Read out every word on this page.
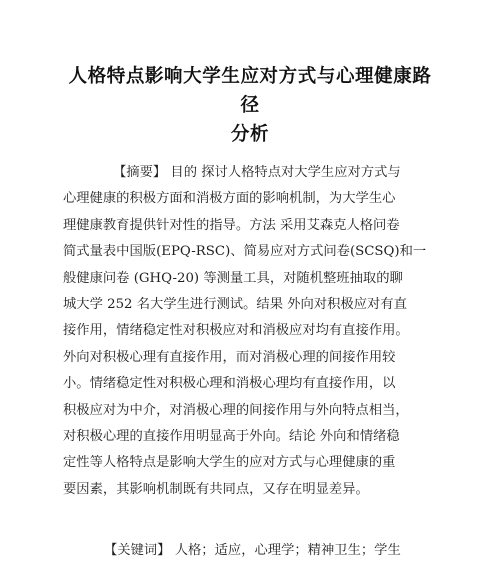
人格特点影响大学生应对方式与心理健康路径
分析
【摘要】 目的 探讨人格特点对大学生应对方式与
心理健康的积极方面和消极方面的影响机制，为大学生心
理健康教育提供针对性的指导。方法 采用艾森克人格问卷
简式量表中国版(EPQ-RSC)、简易应对方式问卷(SCSQ)和一
般健康问卷 (GHQ-20) 等测量工具，对随机整班抽取的聊
城大学 252 名大学生进行测试。结果 外向对积极应对有直
接作用，情绪稳定性对积极应对和消极应对均有直接作用。
外向对积极心理有直接作用，而对消极心理的间接作用较
小。情绪稳定性对积极心理和消极心理均有直接作用，以
积极应对为中介，对消极心理的间接作用与外向特点相当，
对积极心理的直接作用明显高于外向。结论 外向和情绪稳
定性等人格特点是影响大学生的应对方式与心理健康的重
要因素，其影响机制既有共同点，又存在明显差异。
【关键词】 人格；适应，心理学；精神卫生；学生
